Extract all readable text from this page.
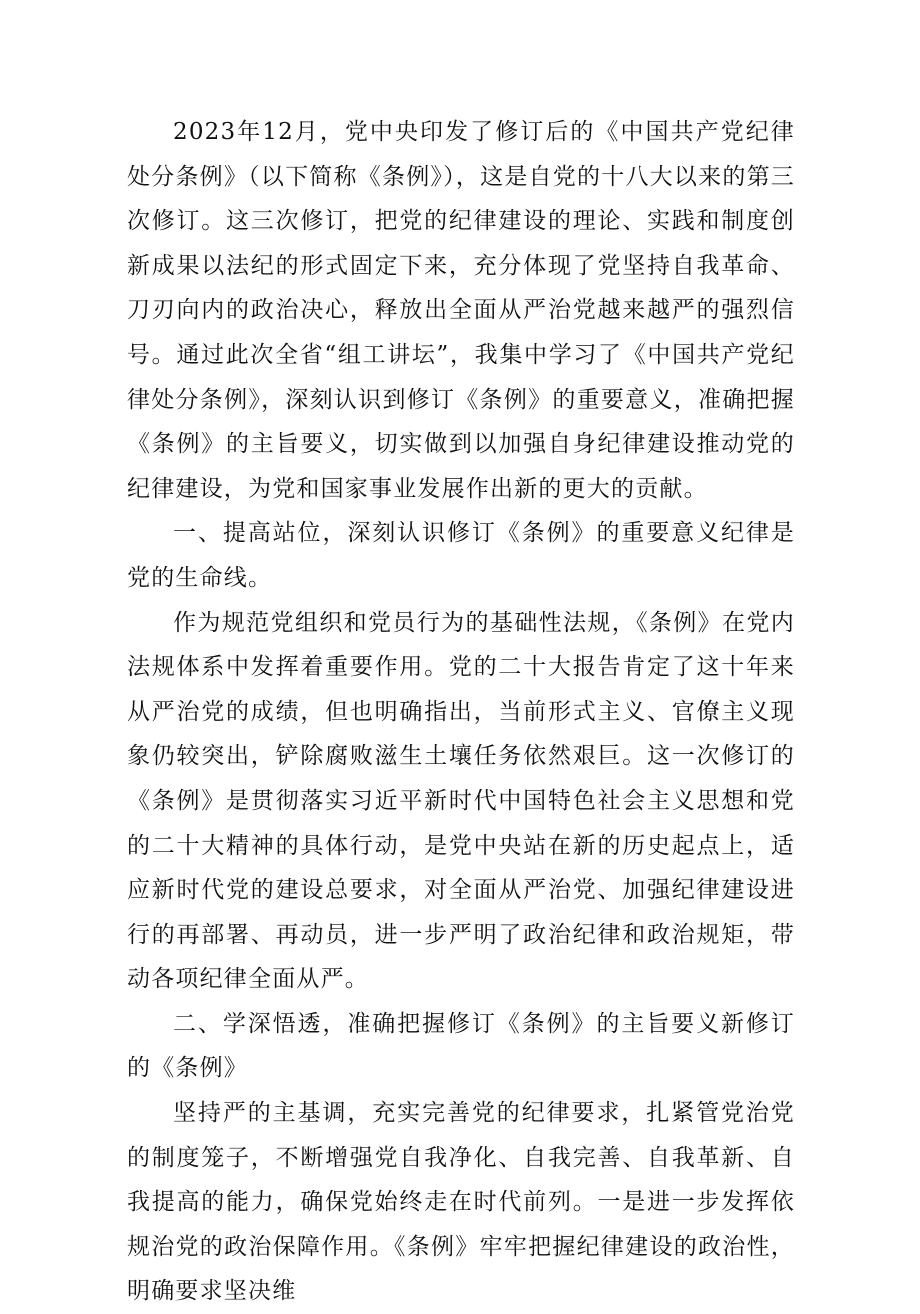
2023年12月，党中央印发了修订后的《中国共产党纪律处分条例》（以下简称《条例》），这是自党的十八大以来的第三次修订。这三次修订，把党的纪律建设的理论、实践和制度创新成果以法纪的形式固定下来，充分体现了党坚持自我革命、刀刃向内的政治决心，释放出全面从严治党越来越严的强烈信号。通过此次全省“组工讲坛”，我集中学习了《中国共产党纪律处分条例》，深刻认识到修订《条例》的重要意义，准确把握《条例》的主旨要义，切实做到以加强自身纪律建设推动党的纪律建设，为党和国家事业发展作出新的更大的贡献。

一、提高站位，深刻认识修订《条例》的重要意义纪律是党的生命线。

作为规范党组织和党员行为的基础性法规，《条例》在党内法规体系中发挥着重要作用。党的二十大报告肯定了这十年来从严治党的成绩，但也明确指出，当前形式主义、官僚主义现象仍较突出，铲除腐败滋生土壤任务依然艰巨。这一次修订的《条例》是贯彻落实习近平新时代中国特色社会主义思想和党的二十大精神的具体行动，是党中央站在新的历史起点上，适应新时代党的建设总要求，对全面从严治党、加强纪律建设进行的再部署、再动员，进一步严明了政治纪律和政治规矩，带动各项纪律全面从严。

二、学深悟透，准确把握修订《条例》的主旨要义新修订的《条例》

坚持严的主基调，充实完善党的纪律要求，扎紧管党治党的制度笼子，不断增强党自我净化、自我完善、自我革新、自我提高的能力，确保党始终走在时代前列。一是进一步发挥依规治党的政治保障作用。《条例》牢牢把握纪律建设的政治性，明确要求坚决维
